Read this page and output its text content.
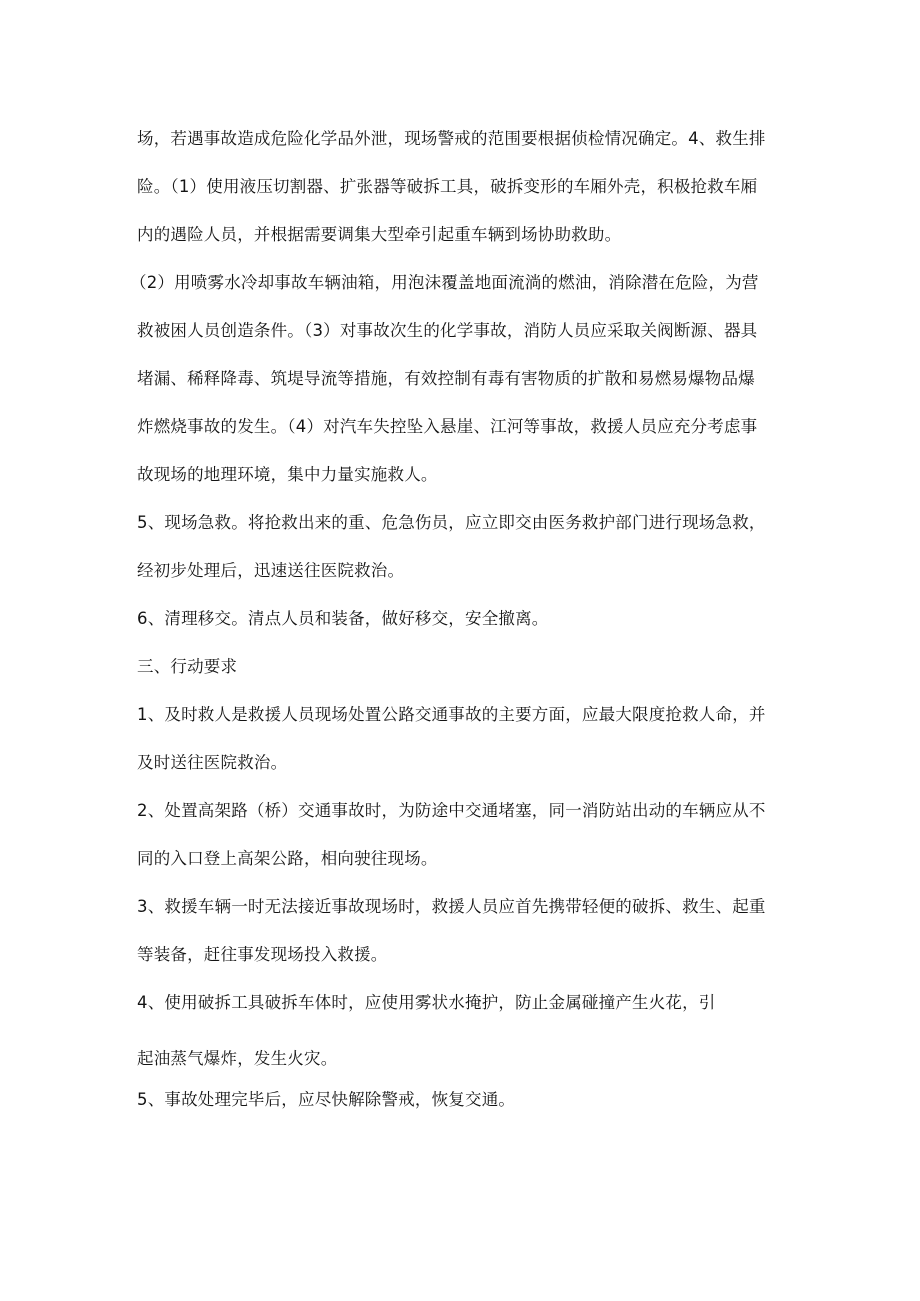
场，若遇事故造成危险化学品外泄，现场警戒的范围要根据侦检情况确定。4、救生排
险。（1）使用液压切割器、扩张器等破拆工具，破拆变形的车厢外壳，积极抢救车厢
内的遇险人员，并根据需要调集大型牵引起重车辆到场协助救助。
（2）用喷雾水冷却事故车辆油箱，用泡沫覆盖地面流淌的燃油，消除潜在危险，为营
救被困人员创造条件。（3）对事故次生的化学事故，消防人员应采取关阀断源、器具
堵漏、稀释降毒、筑堤导流等措施，有效控制有毒有害物质的扩散和易燃易爆物品爆
炸燃烧事故的发生。（4）对汽车失控坠入悬崖、江河等事故，救援人员应充分考虑事
故现场的地理环境，集中力量实施救人。
5、现场急救。将抢救出来的重、危急伤员，应立即交由医务救护部门进行现场急救，
经初步处理后，迅速送往医院救治。
6、清理移交。清点人员和装备，做好移交，安全撤离。
三、行动要求
1、及时救人是救援人员现场处置公路交通事故的主要方面，应最大限度抢救人命，并
及时送往医院救治。
2、处置高架路（桥）交通事故时，为防途中交通堵塞，同一消防站出动的车辆应从不
同的入口登上高架公路，相向驶往现场。
3、救援车辆一时无法接近事故现场时，救援人员应首先携带轻便的破拆、救生、起重
等装备，赶往事发现场投入救援。
4、使用破拆工具破拆车体时，应使用雾状水掩护，防止金属碰撞产生火花，引
起油蒸气爆炸，发生火灾。
5、事故处理完毕后，应尽快解除警戒，恢复交通。
